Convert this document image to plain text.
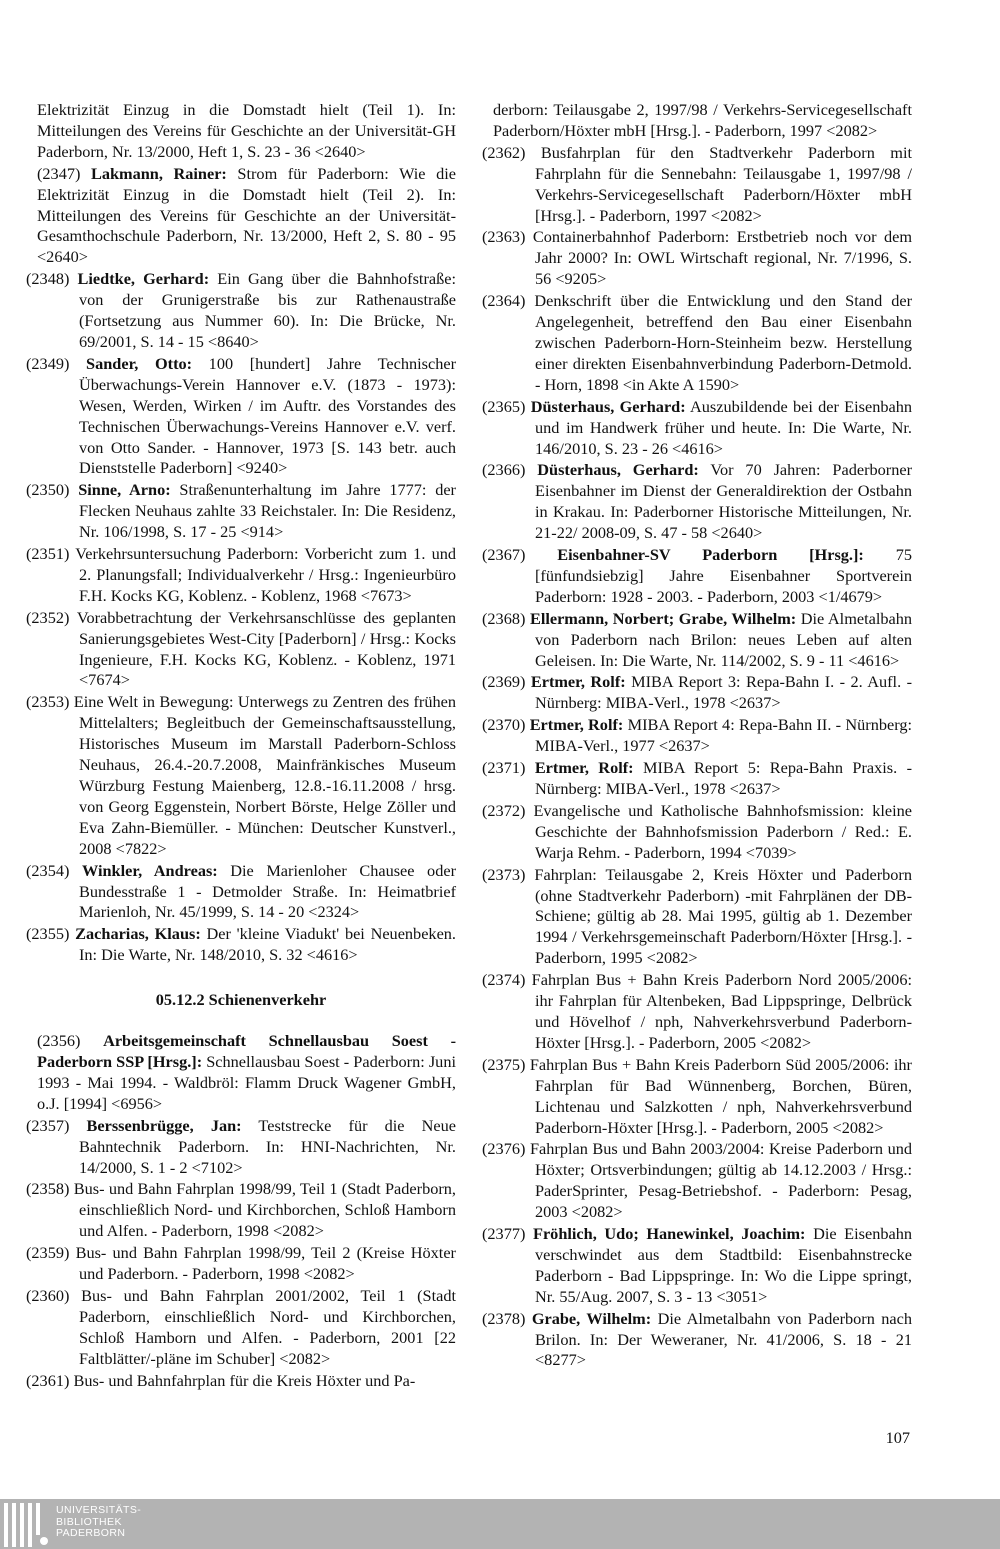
Elektrizität Einzug in die Domstadt hielt (Teil 1). In: Mitteilungen des Vereins für Geschichte an der Universität-GH Paderborn, Nr. 13/2000, Heft 1, S. 23 - 36 <2640>
(2347) Lakmann, Rainer: Strom für Paderborn: Wie die Elektrizität Einzug in die Domstadt hielt (Teil 2). In: Mitteilungen des Vereins für Geschichte an der Universität-Gesamthochschule Paderborn, Nr. 13/2000, Heft 2, S. 80 - 95 <2640>
(2348) Liedtke, Gerhard: Ein Gang über die Bahnhofstraße: von der Grunigerstraße bis zur Rathenaustraße (Fortsetzung aus Nummer 60). In: Die Brücke, Nr. 69/2001, S. 14 - 15 <8640>
(2349) Sander, Otto: 100 [hundert] Jahre Technischer Überwachungs-Verein Hannover e.V. (1873 - 1973): Wesen, Werden, Wirken / im Auftr. des Vorstandes des Technischen Überwachungs-Vereins Hannover e.V. verf. von Otto Sander. - Hannover, 1973 [S. 143 betr. auch Dienststelle Paderborn] <9240>
(2350) Sinne, Arno: Straßenunterhaltung im Jahre 1777: der Flecken Neuhaus zahlte 33 Reichstaler. In: Die Residenz, Nr. 106/1998, S. 17 - 25 <914>
(2351) Verkehrsuntersuchung Paderborn: Vorbericht zum 1. und 2. Planungsfall; Individualverkehr / Hrsg.: Ingenieurbüro F.H. Kocks KG, Koblenz. - Koblenz, 1968 <7673>
(2352) Vorabbetrachtung der Verkehrsanschlüsse des geplanten Sanierungsgebietes West-City [Paderborn] / Hrsg.: Kocks Ingenieure, F.H. Kocks KG, Koblenz. - Koblenz, 1971 <7674>
(2353) Eine Welt in Bewegung: Unterwegs zu Zentren des frühen Mittelalters; Begleitbuch der Gemeinschaftsausstellung, Historisches Museum im Marstall Paderborn-Schloss Neuhaus, 26.4.-20.7.2008, Mainfränkisches Museum Würzburg Festung Maienberg, 12.8.-16.11.2008 / hrsg. von Georg Eggenstein, Norbert Börste, Helge Zöller und Eva Zahn-Biemüller. - München: Deutscher Kunstverl., 2008 <7822>
(2354) Winkler, Andreas: Die Marienloher Chausee oder Bundesstraße 1 - Detmolder Straße. In: Heimatbrief Marienloh, Nr. 45/1999, S. 14 - 20 <2324>
(2355) Zacharias, Klaus: Der 'kleine Viadukt' bei Neuenbeken. In: Die Warte, Nr. 148/2010, S. 32 <4616>
05.12.2 Schienenverkehr
(2356) Arbeitsgemeinschaft Schnellausbau Soest - Paderborn SSP [Hrsg.]: Schnellausbau Soest - Paderborn: Juni 1993 - Mai 1994. - Waldbröl: Flamm Druck Wagener GmbH, o.J. [1994] <6956>
(2357) Berssenbrügge, Jan: Teststrecke für die Neue Bahntechnik Paderborn. In: HNI-Nachrichten, Nr. 14/2000, S. 1 - 2 <7102>
(2358) Bus- und Bahn Fahrplan 1998/99, Teil 1 (Stadt Paderborn, einschließlich Nord- und Kirchborchen, Schloß Hamborn und Alfen. - Paderborn, 1998 <2082>
(2359) Bus- und Bahn Fahrplan 1998/99, Teil 2 (Kreise Höxter und Paderborn. - Paderborn, 1998 <2082>
(2360) Bus- und Bahn Fahrplan 2001/2002, Teil 1 (Stadt Paderborn, einschließlich Nord- und Kirchborchen, Schloß Hamborn und Alfen. - Paderborn, 2001 [22 Faltblätter/-pläne im Schuber] <2082>
(2361) Bus- und Bahnfahrplan für die Kreis Höxter und Pa-
derborn: Teilausgabe 2, 1997/98 / Verkehrs-Servicegesellschaft Paderborn/Höxter mbH [Hrsg.]. - Paderborn, 1997 <2082>
(2362) Busfahrplan für den Stadtverkehr Paderborn mit Fahrplahn für die Sennebahn: Teilausgabe 1, 1997/98 / Verkehrs-Servicegesellschaft Paderborn/Höxter mbH [Hrsg.]. - Paderborn, 1997 <2082>
(2363) Containerbahnhof Paderborn: Erstbetrieb noch vor dem Jahr 2000? In: OWL Wirtschaft regional, Nr. 7/1996, S. 56 <9205>
(2364) Denkschrift über die Entwicklung und den Stand der Angelegenheit, betreffend den Bau einer Eisenbahn zwischen Paderborn-Horn-Steinheim bezw. Herstellung einer direkten Eisenbahnverbindung Paderborn-Detmold. - Horn, 1898 <in Akte A 1590>
(2365) Düsterhaus, Gerhard: Auszubildende bei der Eisenbahn und im Handwerk früher und heute. In: Die Warte, Nr. 146/2010, S. 23 - 26 <4616>
(2366) Düsterhaus, Gerhard: Vor 70 Jahren: Paderborner Eisenbahner im Dienst der Generaldirektion der Ostbahn in Krakau. In: Paderborner Historische Mitteilungen, Nr. 21-22/ 2008-09, S. 47 - 58 <2640>
(2367) Eisenbahner-SV Paderborn [Hrsg.]: 75 [fünfundsiebzig] Jahre Eisenbahner Sportverein Paderborn: 1928 - 2003. - Paderborn, 2003 <1/4679>
(2368) Ellermann, Norbert; Grabe, Wilhelm: Die Almetalbahn von Paderborn nach Brilon: neues Leben auf alten Geleisen. In: Die Warte, Nr. 114/2002, S. 9 - 11 <4616>
(2369) Ertmer, Rolf: MIBA Report 3: Repa-Bahn I. - 2. Aufl. - Nürnberg: MIBA-Verl., 1978 <2637>
(2370) Ertmer, Rolf: MIBA Report 4: Repa-Bahn II. - Nürnberg: MIBA-Verl., 1977 <2637>
(2371) Ertmer, Rolf: MIBA Report 5: Repa-Bahn Praxis. - Nürnberg: MIBA-Verl., 1978 <2637>
(2372) Evangelische und Katholische Bahnhofsmission: kleine Geschichte der Bahnhofsmission Paderborn / Red.: E. Warja Rehm. - Paderborn, 1994 <7039>
(2373) Fahrplan: Teilausgabe 2, Kreis Höxter und Paderborn (ohne Stadtverkehr Paderborn) -mit Fahrplänen der DB-Schiene; gültig ab 28. Mai 1995, gültig ab 1. Dezember 1994 / Verkehrsgemeinschaft Paderborn/Höxter [Hrsg.]. - Paderborn, 1995 <2082>
(2374) Fahrplan Bus + Bahn Kreis Paderborn Nord 2005/2006: ihr Fahrplan für Altenbeken, Bad Lippspringe, Delbrück und Hövelhof / nph, Nahverkehrsverbund Paderborn-Höxter [Hrsg.]. - Paderborn, 2005 <2082>
(2375) Fahrplan Bus + Bahn Kreis Paderborn Süd 2005/2006: ihr Fahrplan für Bad Wünnenberg, Borchen, Büren, Lichtenau und Salzkotten / nph, Nahverkehrsverbund Paderborn-Höxter [Hrsg.]. - Paderborn, 2005 <2082>
(2376) Fahrplan Bus und Bahn 2003/2004: Kreise Paderborn und Höxter; Ortsverbindungen; gültig ab 14.12.2003 / Hrsg.: PaderSprinter, Pesag-Betriebshof. - Paderborn: Pesag, 2003 <2082>
(2377) Fröhlich, Udo; Hanewinkel, Joachim: Die Eisenbahn verschwindet aus dem Stadtbild: Eisenbahnstrecke Paderborn - Bad Lippspringe. In: Wo die Lippe springt, Nr. 55/Aug. 2007, S. 3 - 13 <3051>
(2378) Grabe, Wilhelm: Die Almetalbahn von Paderborn nach Brilon. In: Der Weweraner, Nr. 41/2006, S. 18 - 21 <8277>
107
UNIVERSITÄTS-
BIBLIOTHEK
PADERBORN
